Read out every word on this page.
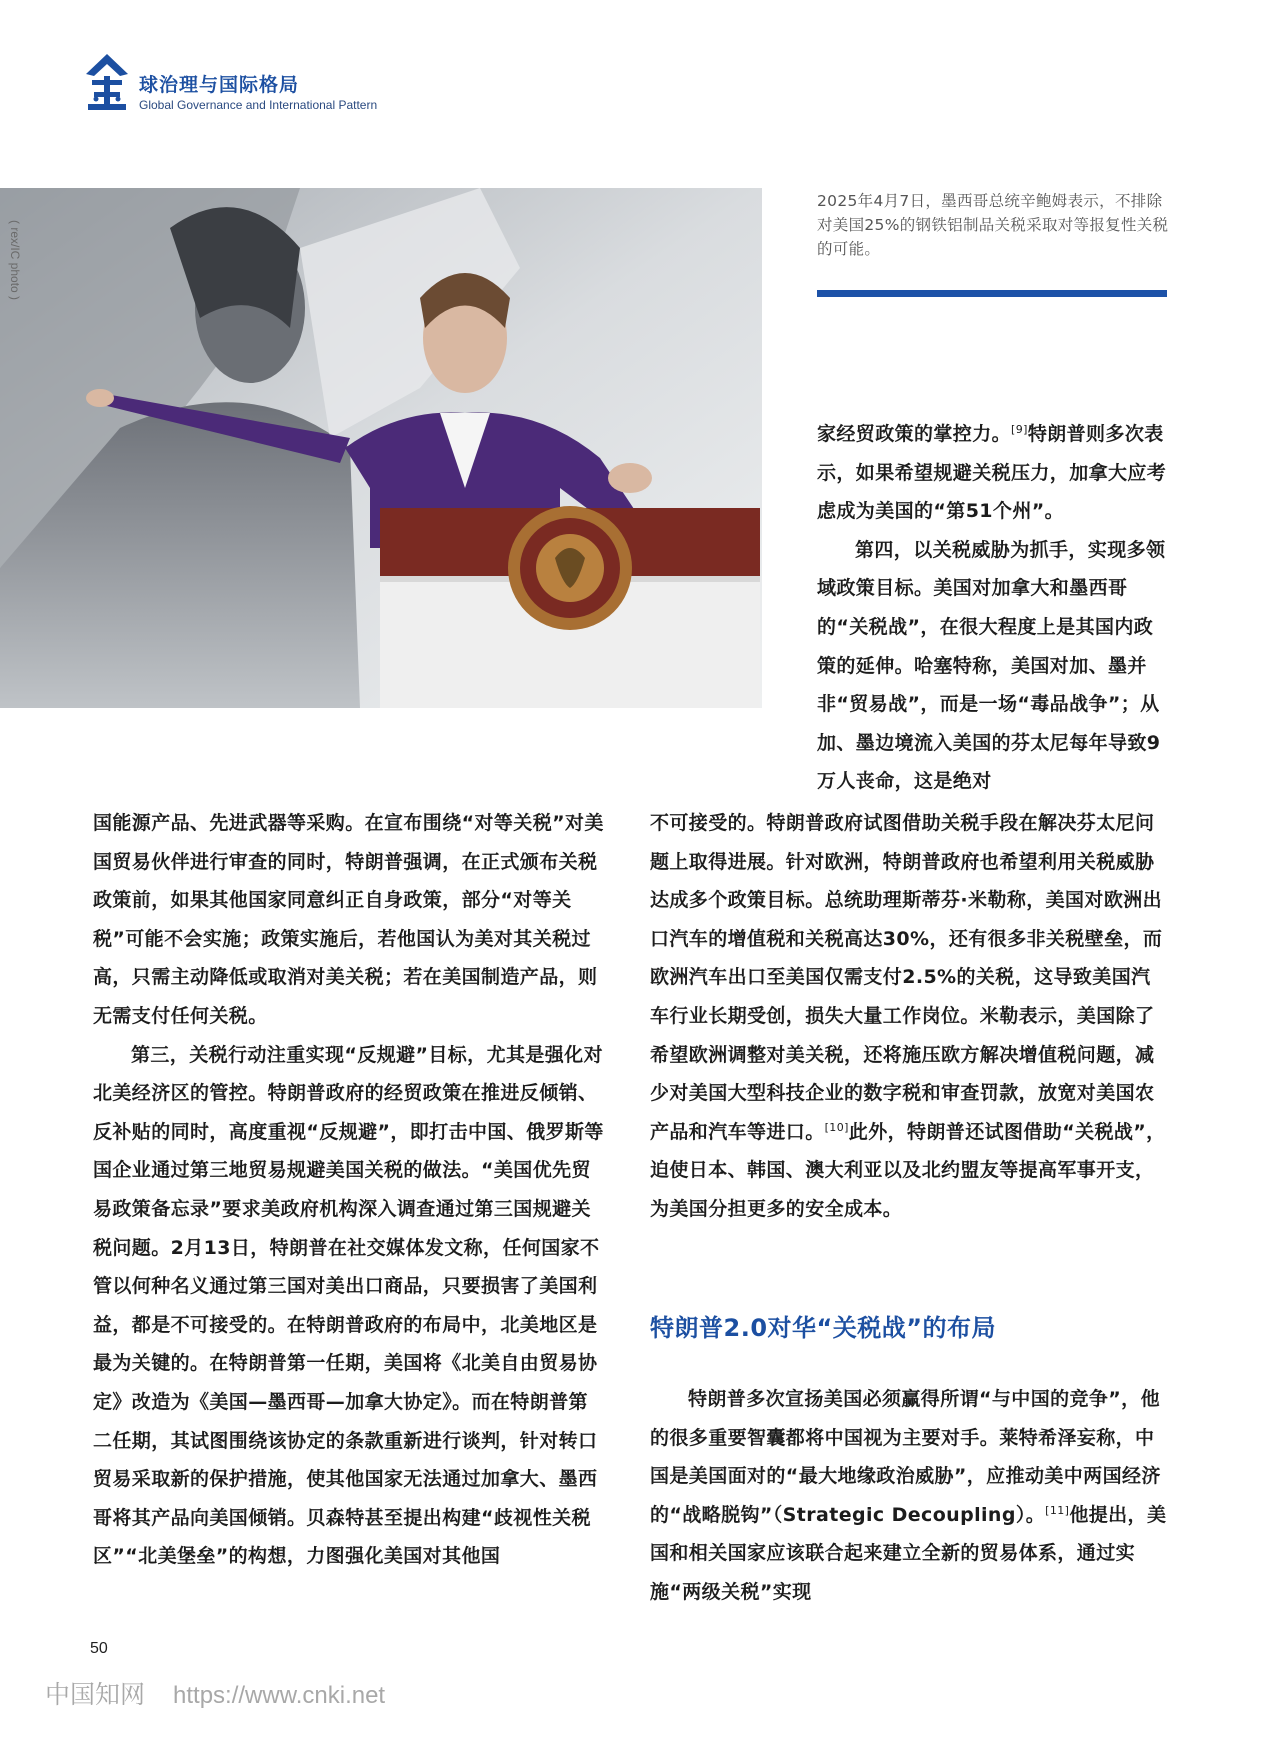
球治理与国际格局
Global Governance and International Pattern
( rex/IC photo )
2025年4月7日，墨西哥总统辛鲍姆表示，不排除对美国25%的钢铁铝制品关税采取对等报复性关税的可能。

家经贸政策的掌控力。[9]特朗普则多次表示，如果希望规避关税压力，加拿大应考虑成为美国的“第51个州”。

第四，以关税威胁为抓手，实现多领域政策目标。美国对加拿大和墨西哥的“关税战”，在很大程度上是其国内政策的延伸。哈塞特称，美国对加、墨并非“贸易战”，而是一场“毒品战争”；从加、墨边境流入美国的芬太尼每年导致9万人丧命，这是绝对

国能源产品、先进武器等采购。在宣布围绕“对等关税”对美国贸易伙伴进行审查的同时，特朗普强调，在正式颁布关税政策前，如果其他国家同意纠正自身政策，部分“对等关税”可能不会实施；政策实施后，若他国认为美对其关税过高，只需主动降低或取消对美关税；若在美国制造产品，则无需支付任何关税。

第三，关税行动注重实现“反规避”目标，尤其是强化对北美经济区的管控。特朗普政府的经贸政策在推进反倾销、反补贴的同时，高度重视“反规避”，即打击中国、俄罗斯等国企业通过第三地贸易规避美国关税的做法。“美国优先贸易政策备忘录”要求美政府机构深入调查通过第三国规避关税问题。2月13日，特朗普在社交媒体发文称，任何国家不管以何种名义通过第三国对美出口商品，只要损害了美国利益，都是不可接受的。在特朗普政府的布局中，北美地区是最为关键的。在特朗普第一任期，美国将《北美自由贸易协定》改造为《美国—墨西哥—加拿大协定》。而在特朗普第二任期，其试图围绕该协定的条款重新进行谈判，针对转口贸易采取新的保护措施，使其他国家无法通过加拿大、墨西哥将其产品向美国倾销。贝森特甚至提出构建“歧视性关税区”“北美堡垒”的构想，力图强化美国对其他国

不可接受的。特朗普政府试图借助关税手段在解决芬太尼问题上取得进展。针对欧洲，特朗普政府也希望利用关税威胁达成多个政策目标。总统助理斯蒂芬·米勒称，美国对欧洲出口汽车的增值税和关税高达30%，还有很多非关税壁垒，而欧洲汽车出口至美国仅需支付2.5%的关税，这导致美国汽车行业长期受创，损失大量工作岗位。米勒表示，美国除了希望欧洲调整对美关税，还将施压欧方解决增值税问题，减少对美国大型科技企业的数字税和审查罚款，放宽对美国农产品和汽车等进口。[10]此外，特朗普还试图借助“关税战”，迫使日本、韩国、澳大利亚以及北约盟友等提高军事开支，为美国分担更多的安全成本。

特朗普2.0对华“关税战”的布局

特朗普多次宣扬美国必须赢得所谓“与中国的竞争”，他的很多重要智囊都将中国视为主要对手。莱特希泽妄称，中国是美国面对的“最大地缘政治威胁”，应推动美中两国经济的“战略脱钩”（Strategic Decoupling）。[11]他提出，美国和相关国家应该联合起来建立全新的贸易体系，通过实施“两级关税”实现

50
中国知网 https://www.cnki.net
